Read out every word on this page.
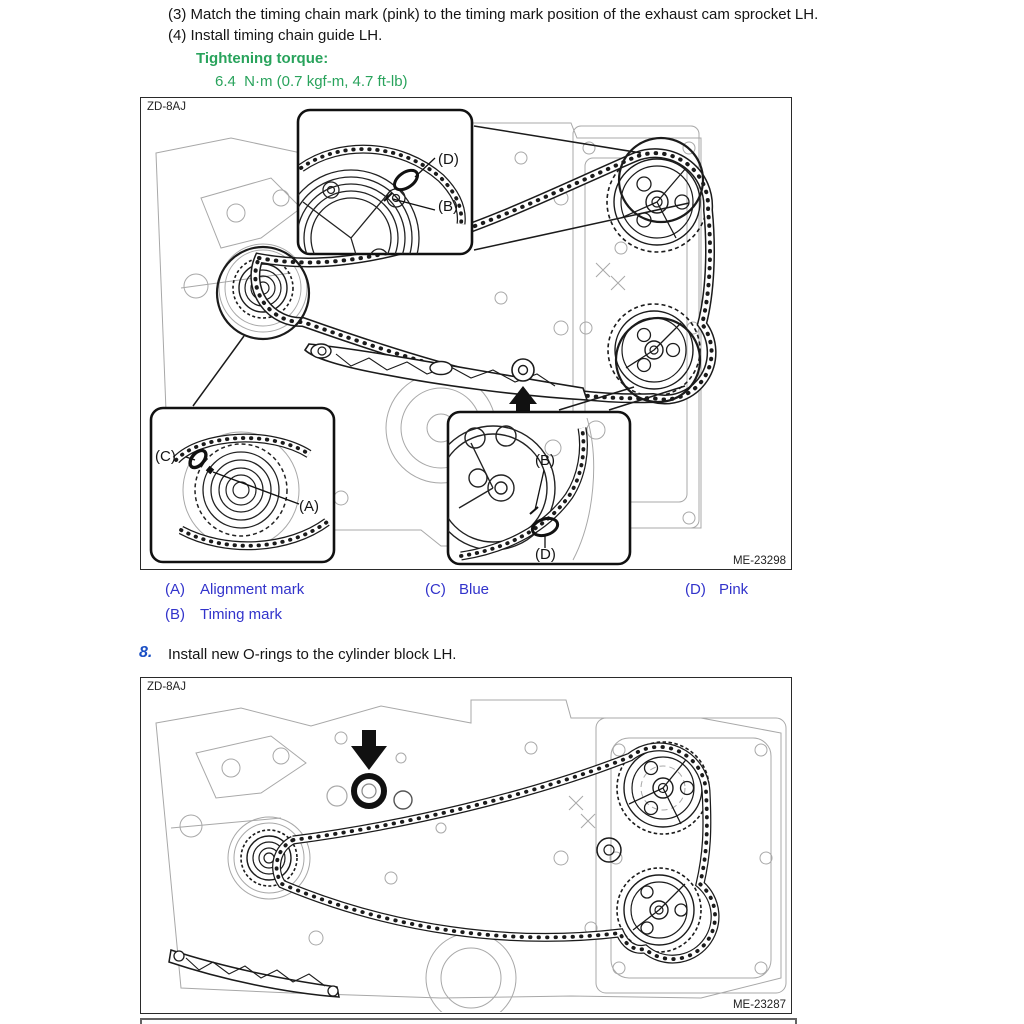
(3) Match the timing chain mark (pink) to the timing mark position of the exhaust cam sprocket LH.
(4) Install timing chain guide LH.
Tightening torque:
6.4  N·m (0.7 kgf-m, 4.7 ft-lb)
ZD-8AJ
ME-23298
(D)
(B)
(C)
(A)
(B)
(D)
(A) Alignment mark	(C) Blue	(D) Pink
(B) Timing mark
8. Install new O-rings to the cylinder block LH.
ZD-8AJ
ME-23287
